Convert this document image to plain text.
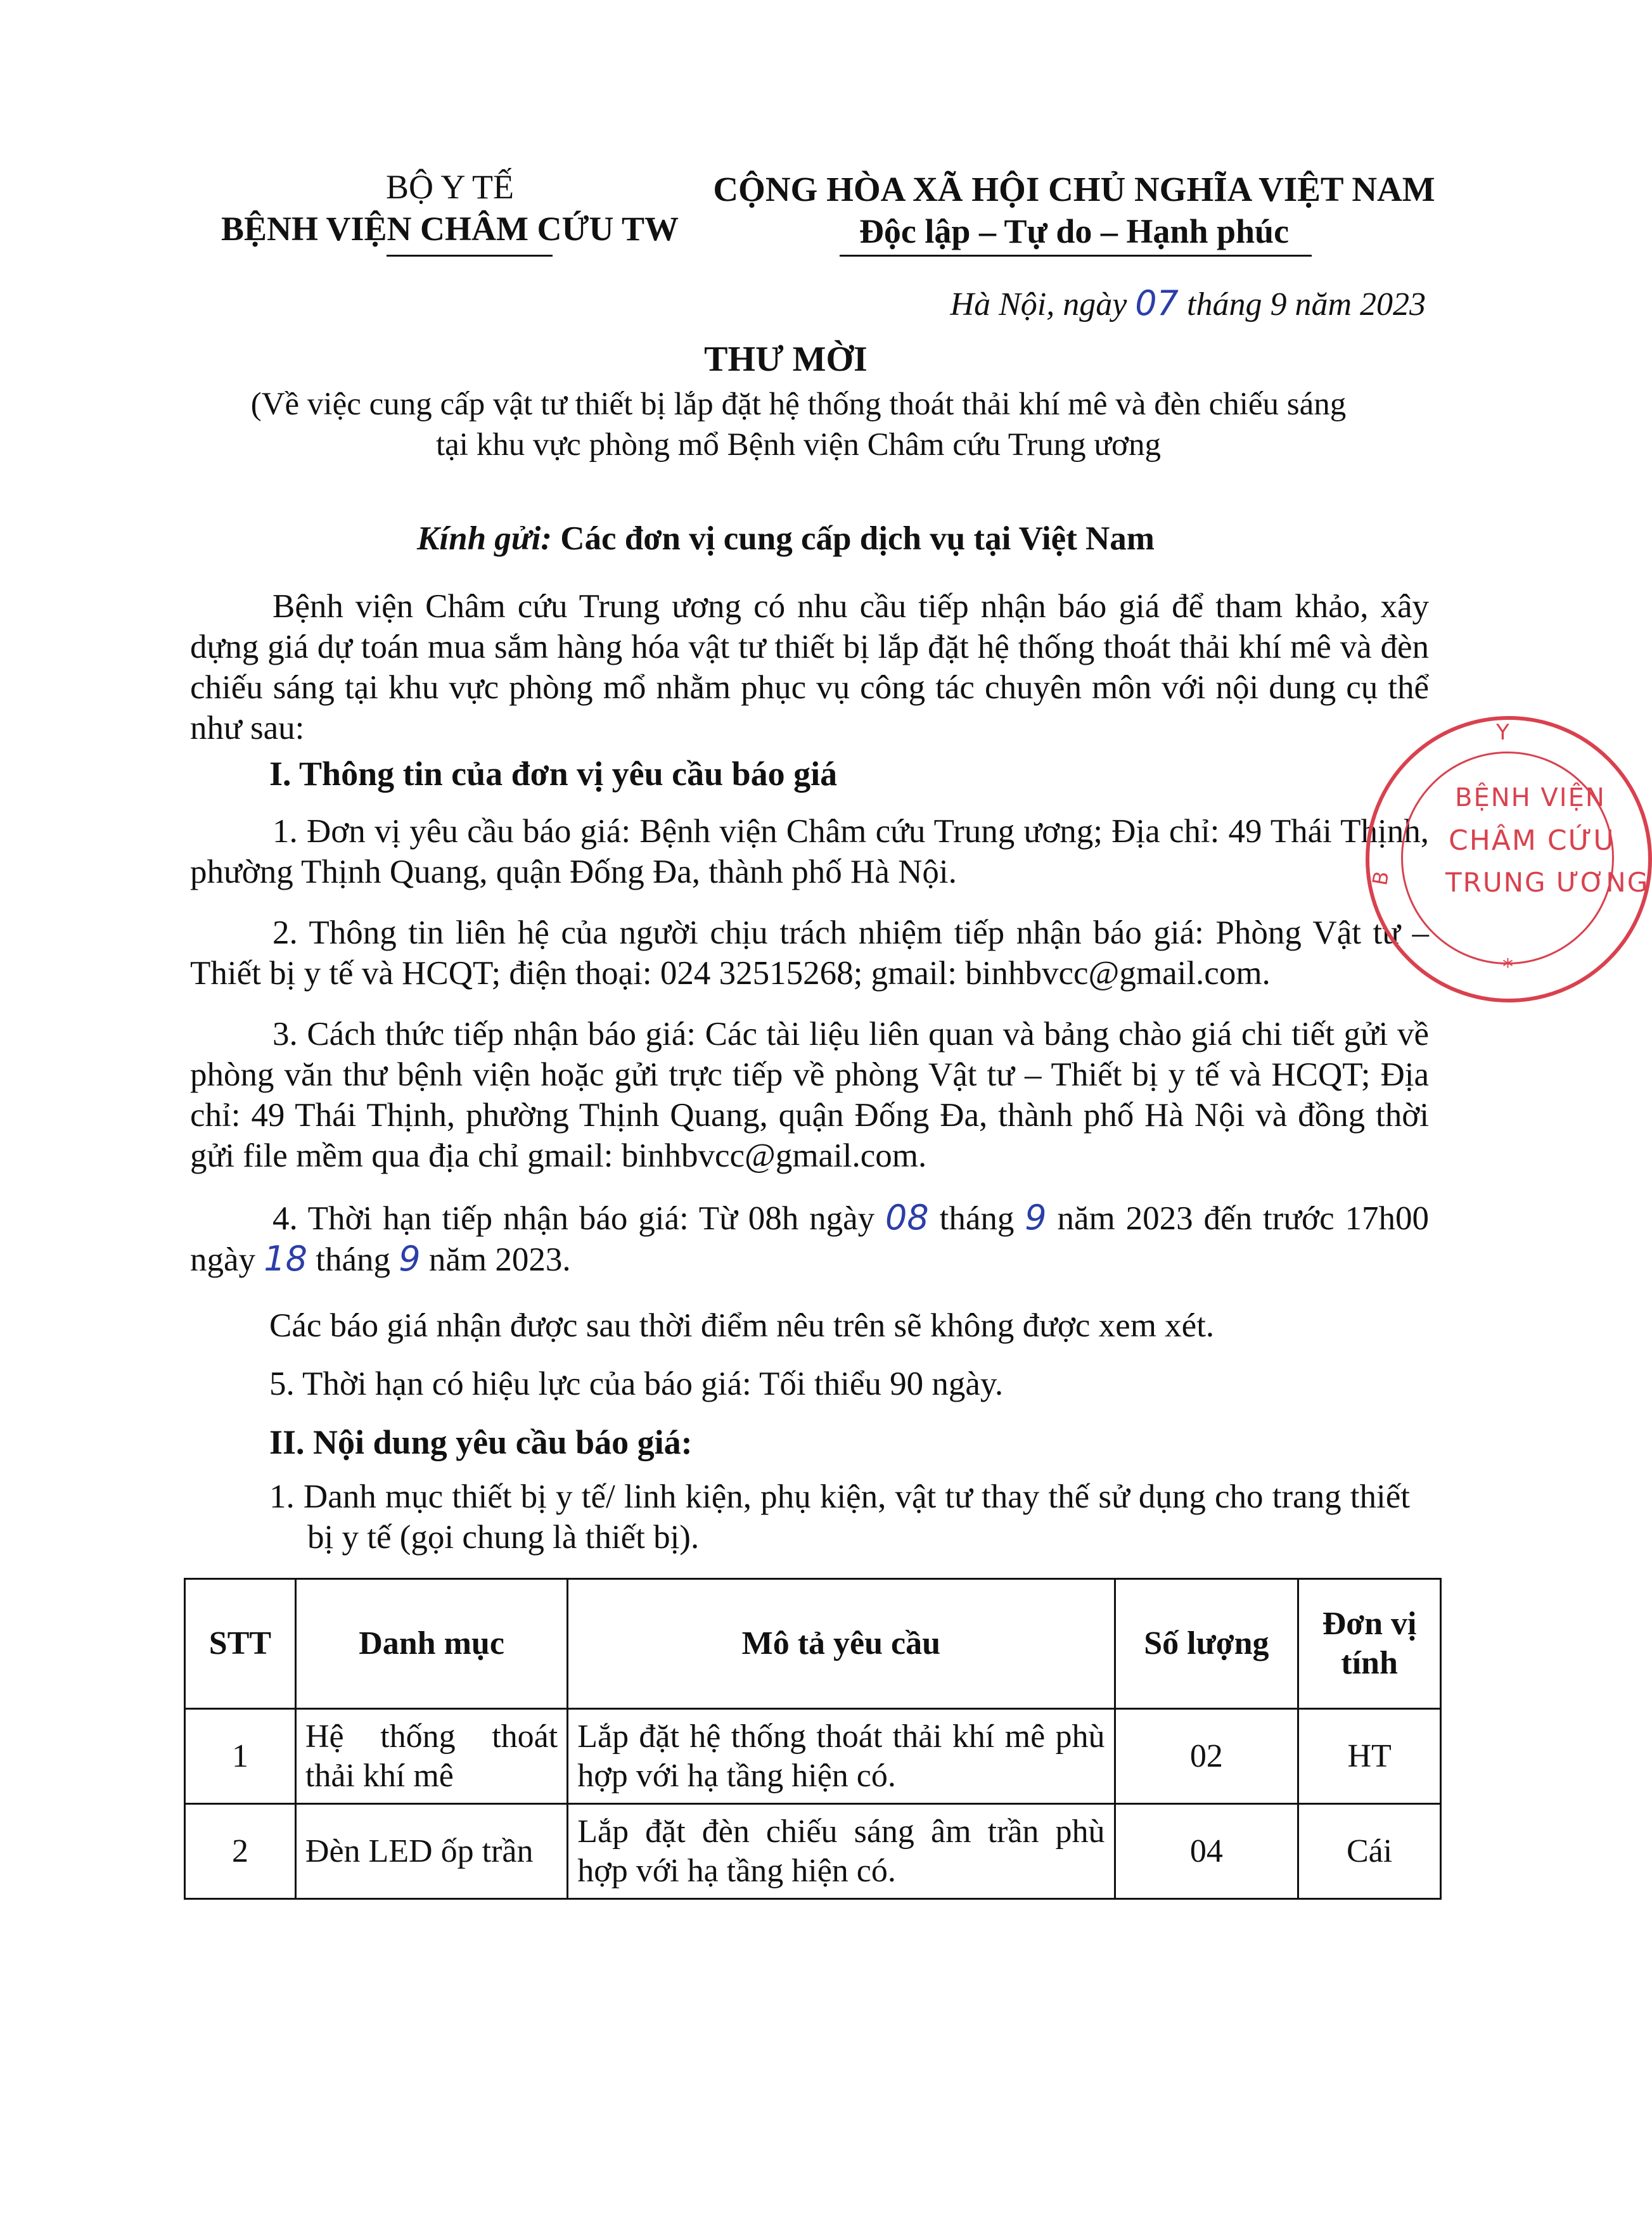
BỘ Y TẾ
BỆNH VIỆN CHÂM CỨU TW
CỘNG HÒA XÃ HỘI CHỦ NGHĨA VIỆT NAM
Độc lập – Tự do – Hạnh phúc
Hà Nội, ngày 07 tháng 9 năm 2023
THƯ MỜI
(Về việc cung cấp vật tư thiết bị lắp đặt hệ thống thoát thải khí mê và đèn chiếu sáng
tại khu vực phòng mổ Bệnh viện Châm cứu Trung ương
Kính gửi: Các đơn vị cung cấp dịch vụ tại Việt Nam
Bệnh viện Châm cứu Trung ương có nhu cầu tiếp nhận báo giá để tham khảo, xây dựng giá dự toán mua sắm hàng hóa vật tư thiết bị lắp đặt hệ thống thoát thải khí mê và đèn chiếu sáng tại khu vực phòng mổ nhằm phục vụ công tác chuyên môn với nội dung cụ thể như sau:
I. Thông tin của đơn vị yêu cầu báo giá
1. Đơn vị yêu cầu báo giá: Bệnh viện Châm cứu Trung ương; Địa chỉ: 49 Thái Thịnh, phường Thịnh Quang, quận Đống Đa, thành phố Hà Nội.
2. Thông tin liên hệ của người chịu trách nhiệm tiếp nhận báo giá: Phòng Vật tư – Thiết bị y tế và HCQT; điện thoại: 024 32515268; gmail: binhbvcc@gmail.com.
3. Cách thức tiếp nhận báo giá: Các tài liệu liên quan và bảng chào giá chi tiết gửi về phòng văn thư bệnh viện hoặc gửi trực tiếp về phòng Vật tư – Thiết bị y tế và HCQT; Địa chỉ: 49 Thái Thịnh, phường Thịnh Quang, quận Đống Đa, thành phố Hà Nội và đồng thời gửi file mềm qua địa chỉ gmail: binhbvcc@gmail.com.
4. Thời hạn tiếp nhận báo giá: Từ 08h ngày 08 tháng 9 năm 2023 đến trước 17h00 ngày 18 tháng 9 năm 2023.
Các báo giá nhận được sau thời điểm nêu trên sẽ không được xem xét.
5. Thời hạn có hiệu lực của báo giá: Tối thiểu 90 ngày.
II. Nội dung yêu cầu báo giá:
1. Danh mục thiết bị y tế/ linh kiện, phụ kiện, vật tư thay thế sử dụng cho trang thiết bị y tế (gọi chung là thiết bị).
STT	Danh mục	Mô tả yêu cầu	Số lượng	Đơn vị tính
1	Hệ thống thoát thải khí mê	Lắp đặt hệ thống thoát thải khí mê phù hợp với hạ tầng hiện có.	02	HT
2	Đèn LED ốp trần	Lắp đặt đèn chiếu sáng âm trần phù hợp với hạ tầng hiện có.	04	Cái
Y
B
BỆNH VIỆN
CHÂM CỨU
TRUNG ƯƠNG
*
